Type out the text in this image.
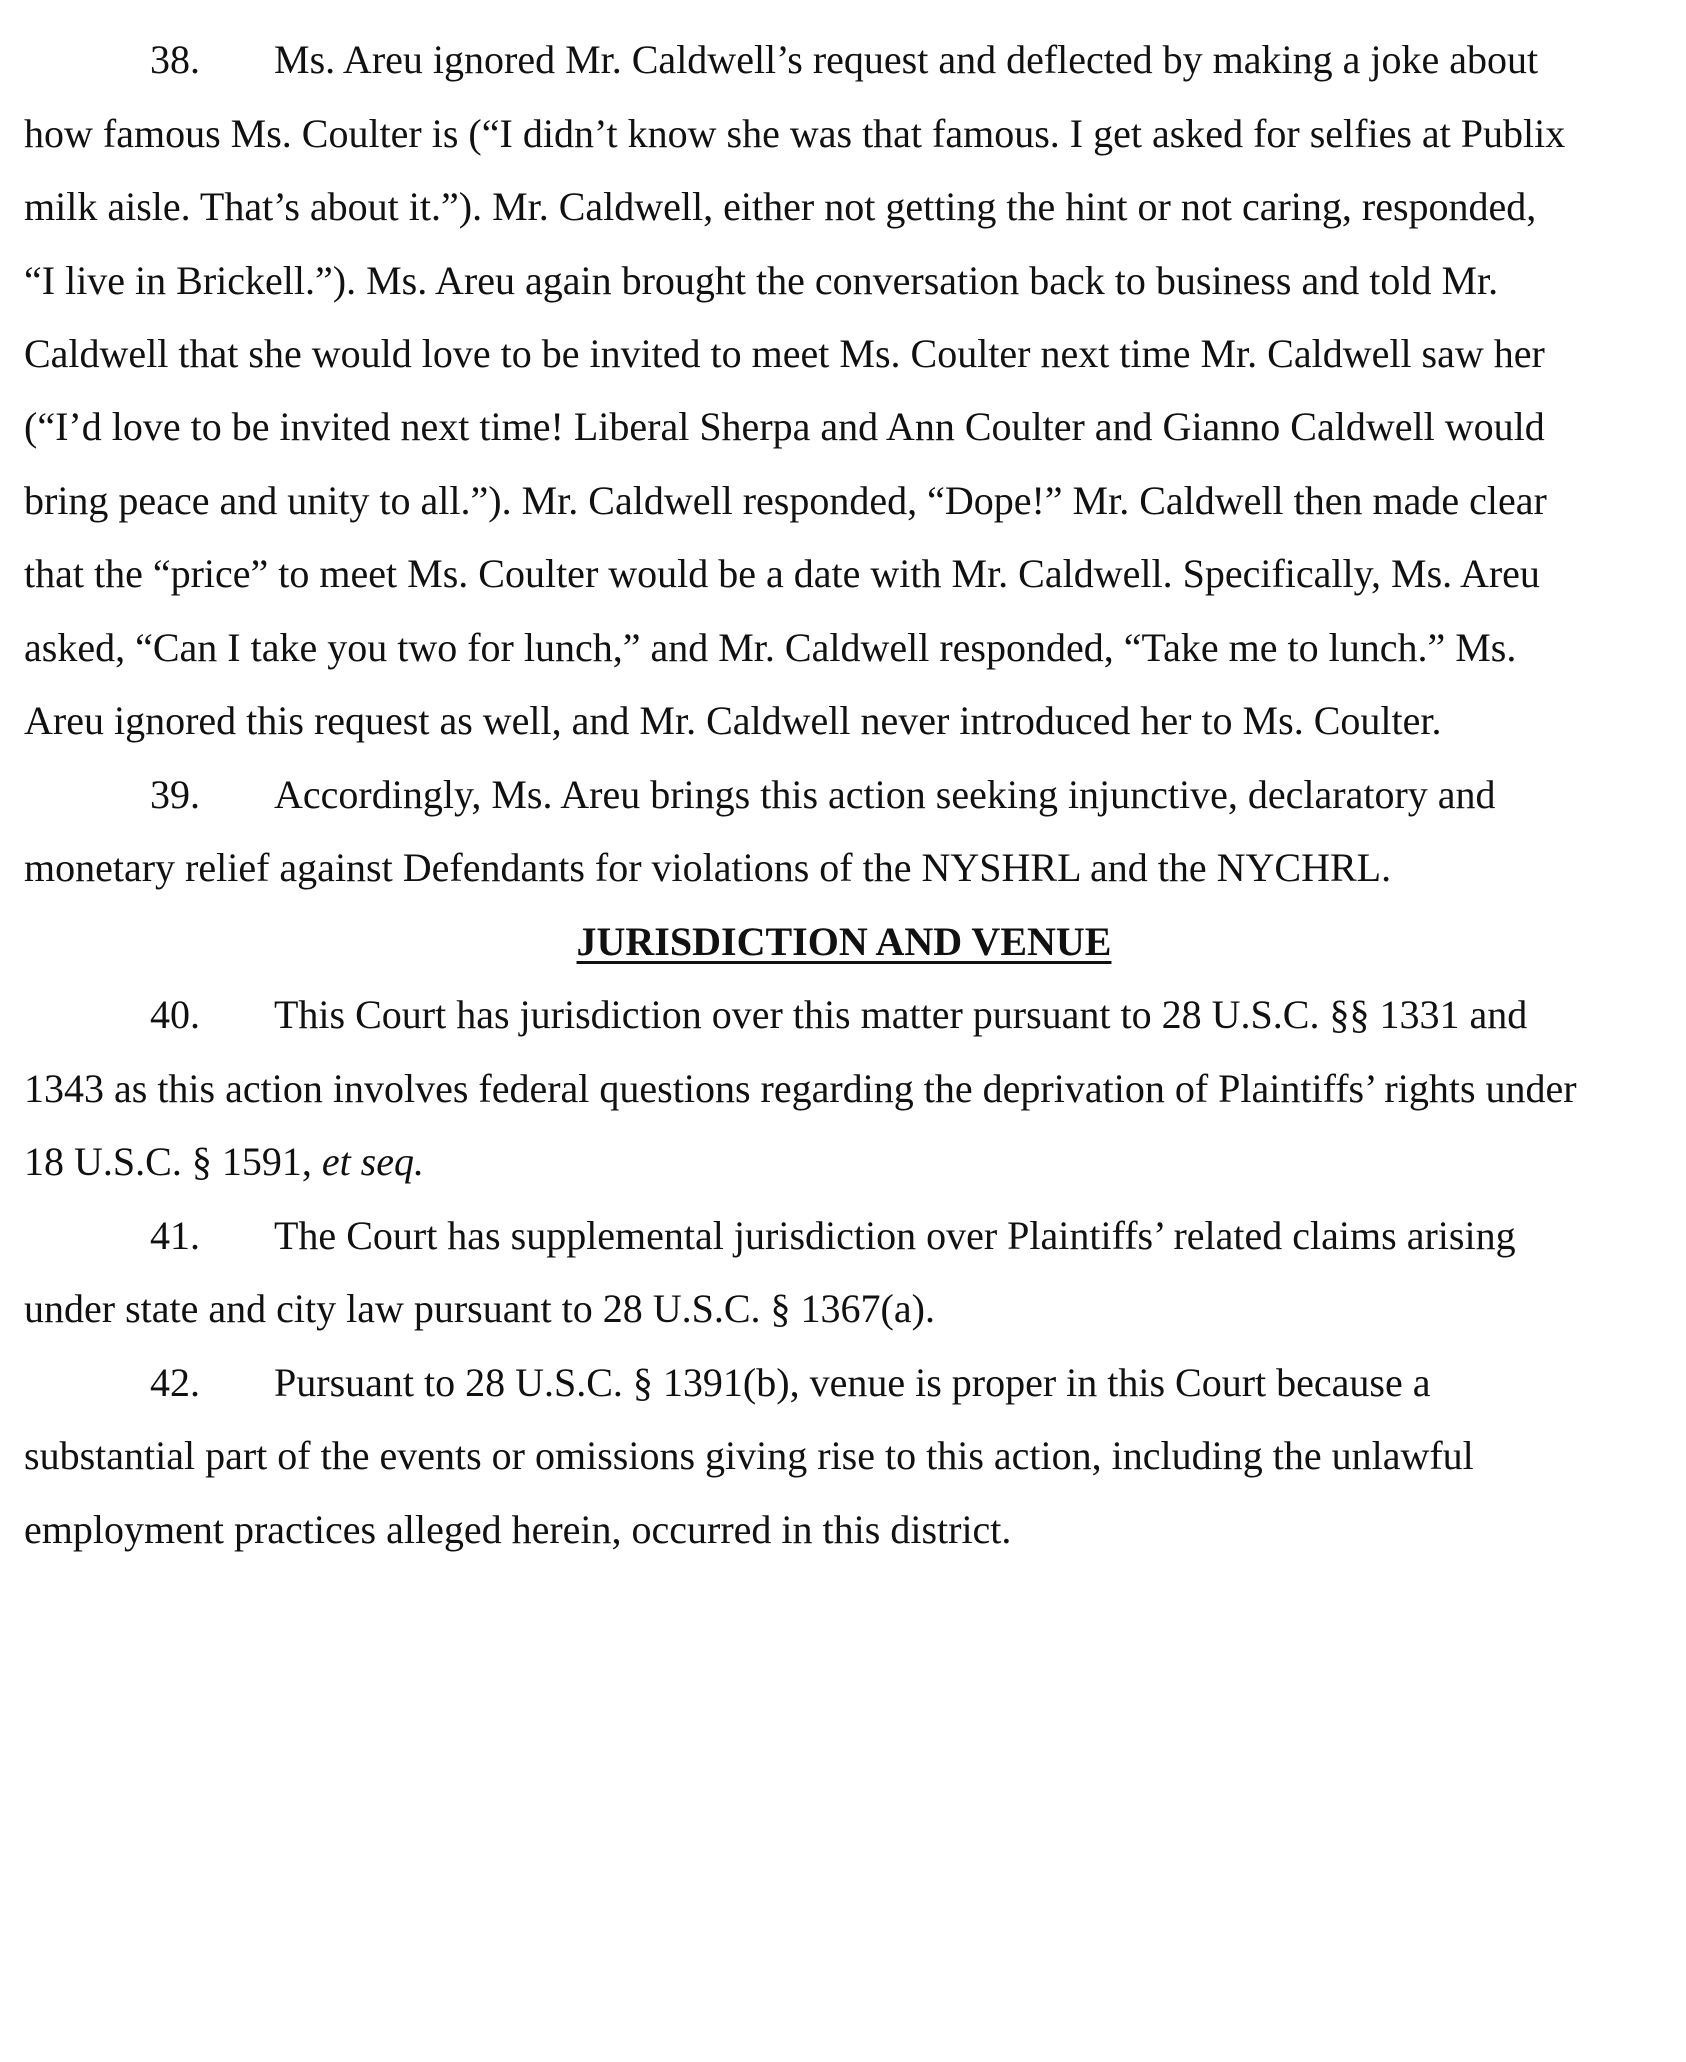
38. Ms. Areu ignored Mr. Caldwell’s request and deflected by making a joke about
how famous Ms. Coulter is (“I didn’t know she was that famous. I get asked for selfies at Publix
milk aisle. That’s about it.”). Mr. Caldwell, either not getting the hint or not caring, responded,
“I live in Brickell.”). Ms. Areu again brought the conversation back to business and told Mr.
Caldwell that she would love to be invited to meet Ms. Coulter next time Mr. Caldwell saw her
(“I’d love to be invited next time! Liberal Sherpa and Ann Coulter and Gianno Caldwell would
bring peace and unity to all.”). Mr. Caldwell responded, “Dope!” Mr. Caldwell then made clear
that the “price” to meet Ms. Coulter would be a date with Mr. Caldwell. Specifically, Ms. Areu
asked, “Can I take you two for lunch,” and Mr. Caldwell responded, “Take me to lunch.” Ms.
Areu ignored this request as well, and Mr. Caldwell never introduced her to Ms. Coulter.
39. Accordingly, Ms. Areu brings this action seeking injunctive, declaratory and
monetary relief against Defendants for violations of the NYSHRL and the NYCHRL.
JURISDICTION AND VENUE
40. This Court has jurisdiction over this matter pursuant to 28 U.S.C. §§ 1331 and
1343 as this action involves federal questions regarding the deprivation of Plaintiffs’ rights under
18 U.S.C. § 1591, et seq.
41. The Court has supplemental jurisdiction over Plaintiffs’ related claims arising
under state and city law pursuant to 28 U.S.C. § 1367(a).
42. Pursuant to 28 U.S.C. § 1391(b), venue is proper in this Court because a
substantial part of the events or omissions giving rise to this action, including the unlawful
employment practices alleged herein, occurred in this district.
